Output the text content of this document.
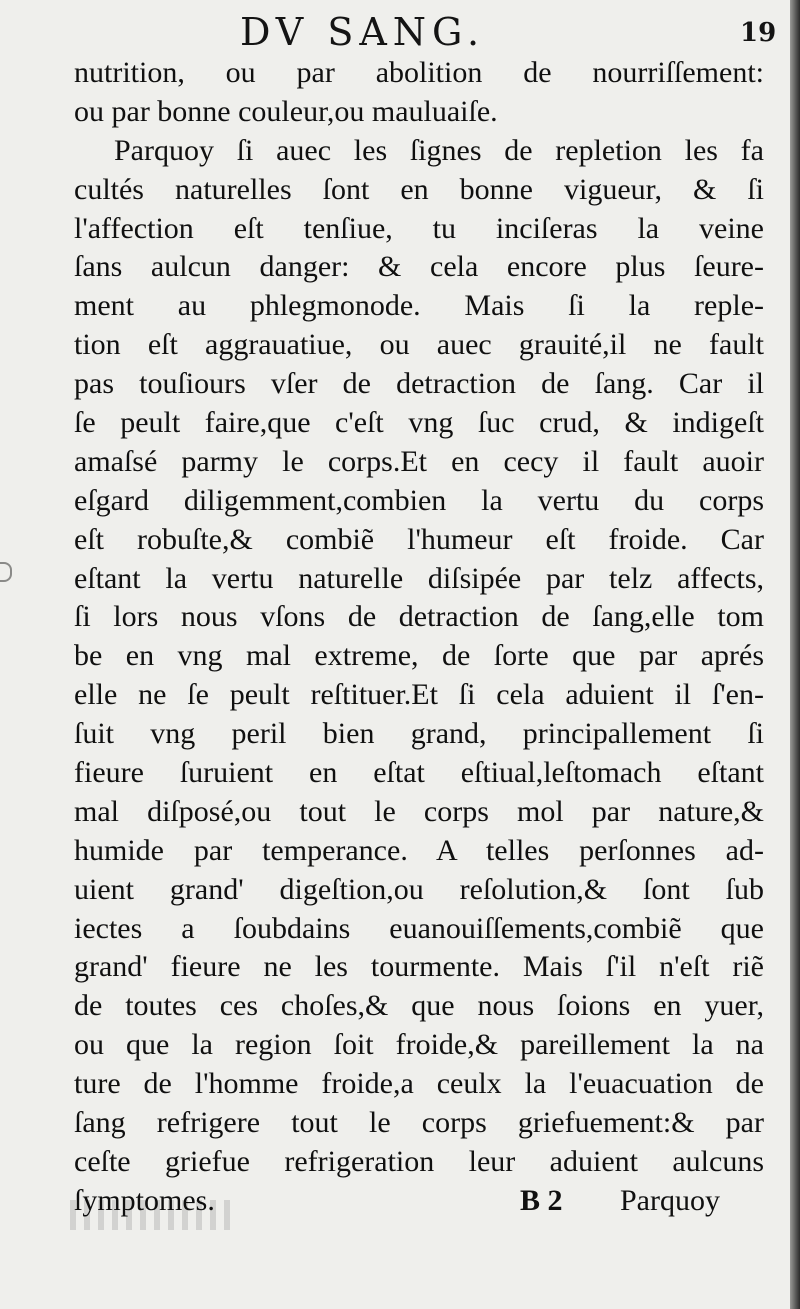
DV SANG.	19
nutrition, ou par abolition de nourriſſement:
ou par bonne couleur,ou mauluaiſe.
Parquoy ſi auec les ſignes de repletion les fa
cultés naturelles ſont en bonne vigueur, & ſi
l'affection eſt tenſiue, tu inciſeras la veine
ſans aulcun danger: & cela encore plus ſeure-
ment au phlegmonode. Mais ſi la reple-
tion eſt aggrauatiue, ou auec grauité,il ne fault
pas touſiours vſer de detraction de ſang. Car il
ſe peult faire,que c'eſt vng ſuc crud, & indigeſt
amaſsé parmy le corps.Et en cecy il fault auoir
eſgard diligemment,combien la vertu du corps
eſt robuſte,& combiẽ l'humeur eſt froide. Car
eſtant la vertu naturelle diſsipée par telz affects,
ſi lors nous vſons de detraction de ſang,elle tom
be en vng mal extreme, de ſorte que par aprés
elle ne ſe peult reſtituer.Et ſi cela aduient il ſ'en-
ſuit vng peril bien grand, principallement ſi
fieure ſuruient en eſtat eſtiual,leſtomach eſtant
mal diſposé,ou tout le corps mol par nature,&
humide par temperance. A telles perſonnes ad-
uient grand' digeſtion,ou reſolution,& ſont ſub
iectes a ſoubdains euanouiſſements,combiẽ que
grand' fieure ne les tourmente. Mais ſ'il n'eſt riẽ
de toutes ces choſes,& que nous ſoions en yuer,
ou que la region ſoit froide,& pareillement la na
ture de l'homme froide,a ceulx la l'euacuation de
ſang refrigere tout le corps griefuement:& par
ceſte griefue refrigeration leur aduient aulcuns
ſymptomes.	B 2 Parquoy
